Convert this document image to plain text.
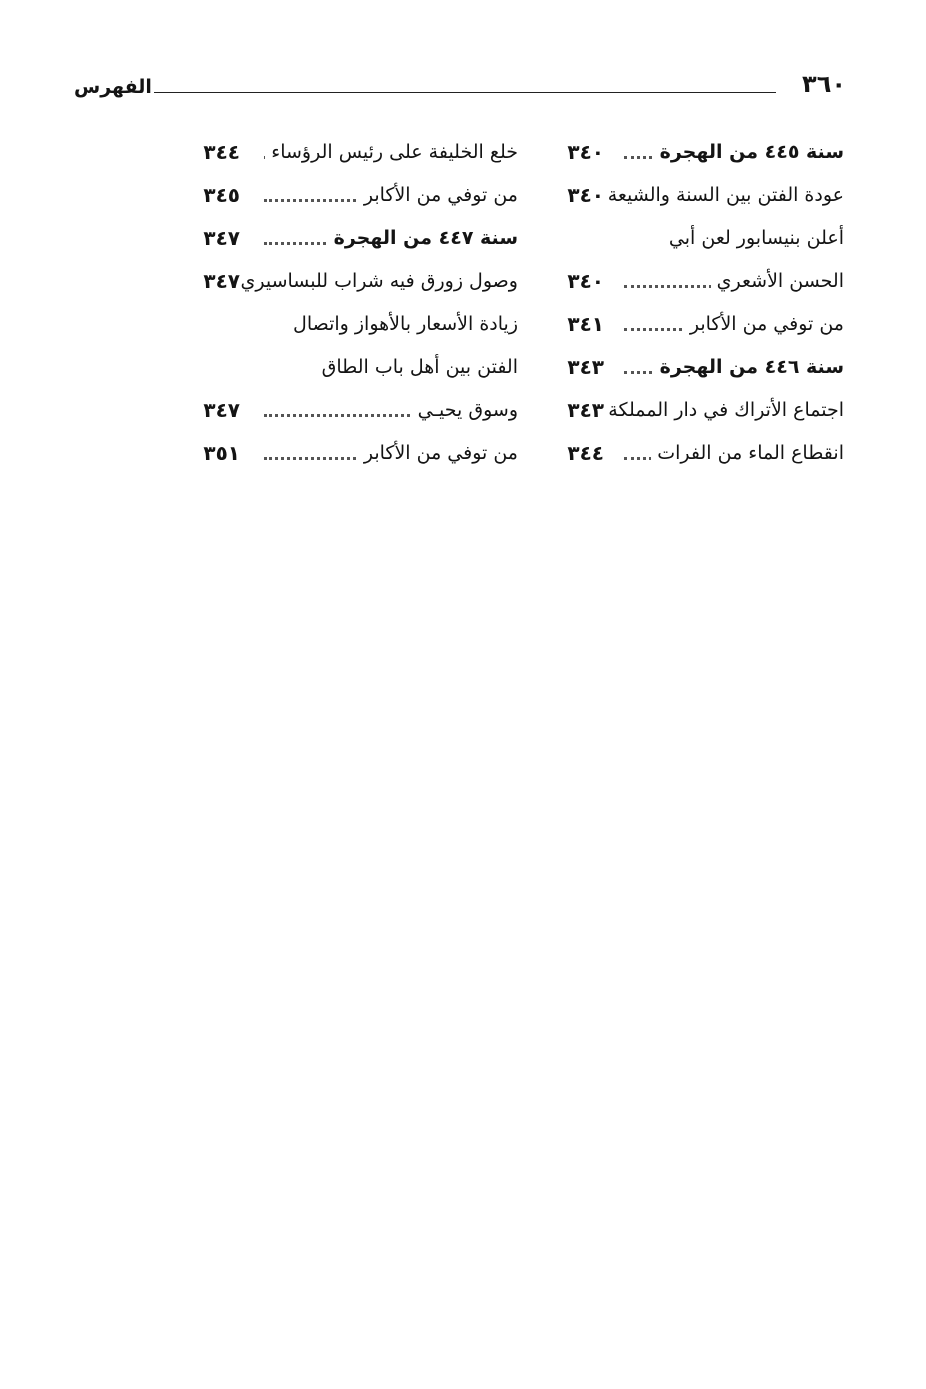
٣٦٠
الفهرس
سنة ٤٤٥ من الهجرة
٣٤٠
عودة الفتن بين السنة والشيعة
٣٤٠
أعلن بنيسابور لعن أبي
الحسن الأشعري
٣٤٠
من توفي من الأكابر
٣٤١
سنة ٤٤٦ من الهجرة
٣٤٣
اجتماع الأتراك في دار المملكة
٣٤٣
انقطاع الماء من الفرات
٣٤٤
خلع الخليفة على رئيس الرؤساء
٣٤٤
من توفي من الأكابر
٣٤٥
سنة ٤٤٧ من الهجرة
٣٤٧
وصول زورق فيه شراب للبساسيري
٣٤٧
زيادة الأسعار بالأهواز واتصال
الفتن بين أهل باب الطاق
وسوق يحيـي
٣٤٧
من توفي من الأكابر
٣٥١
